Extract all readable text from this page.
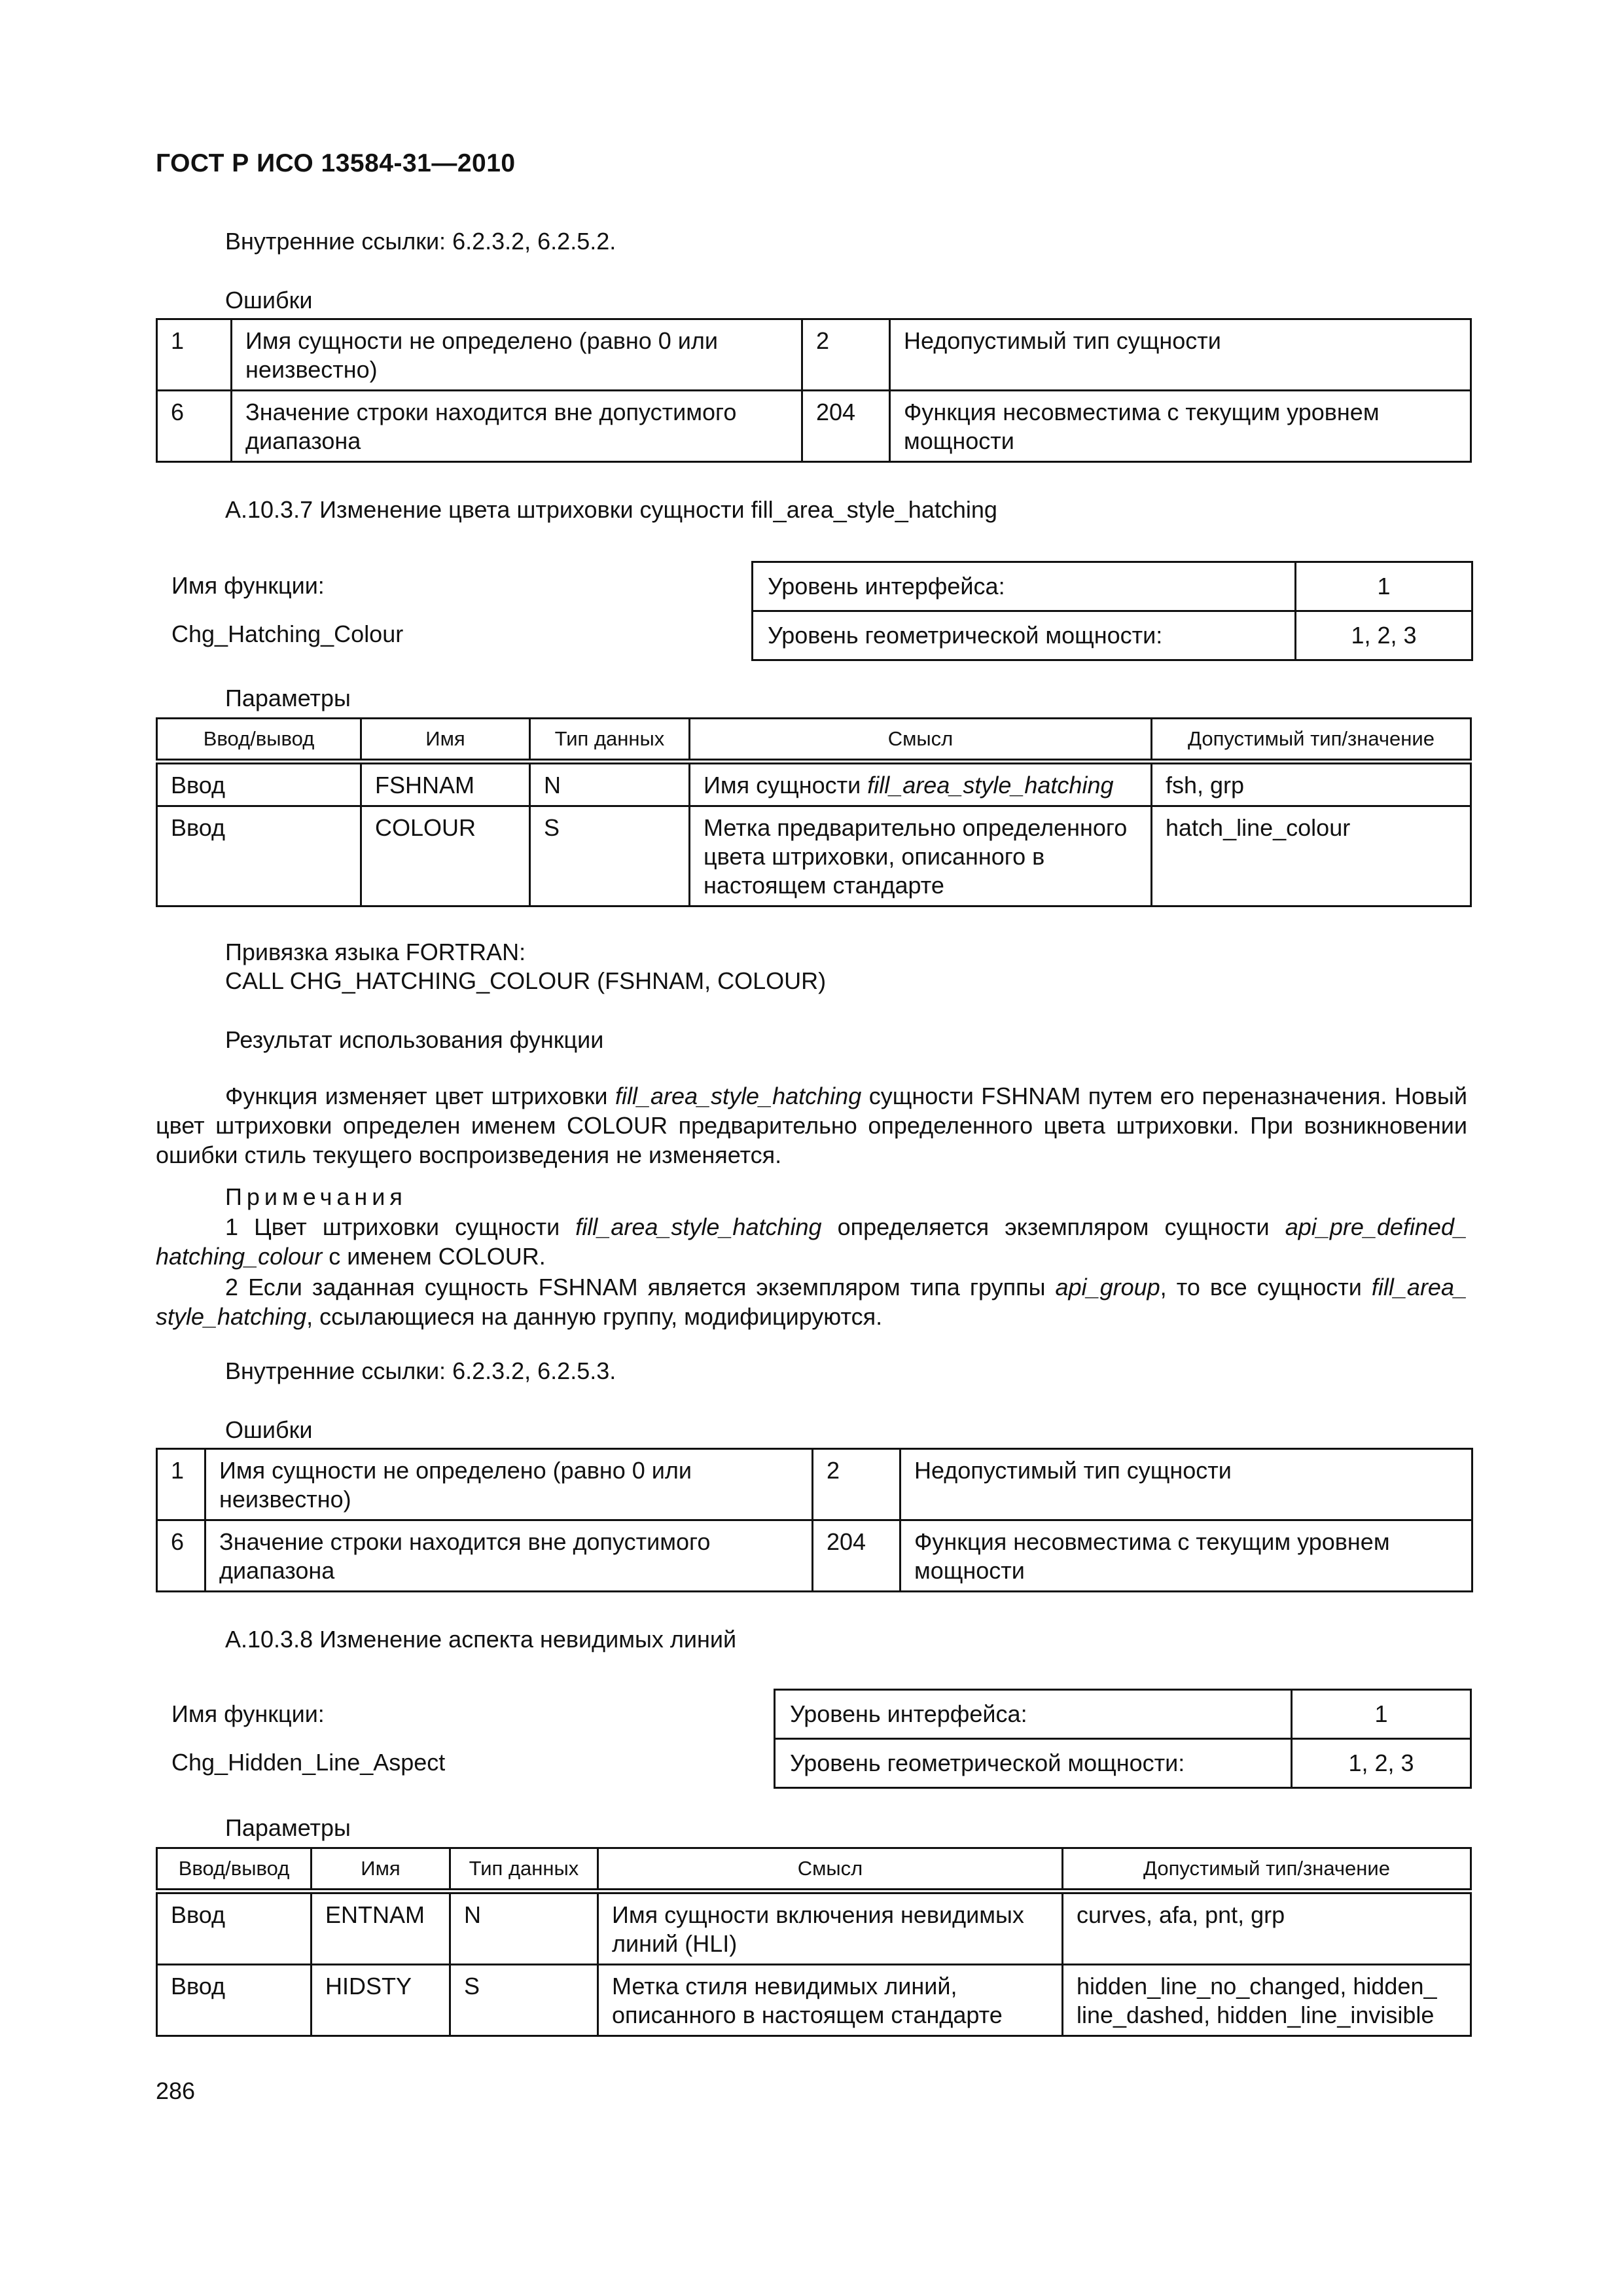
ГОСТ Р ИСО 13584-31—2010
Внутренние ссылки: 6.2.3.2, 6.2.5.2.
Ошибки
1	Имя сущности не определено (равно 0 или неизвестно)	2	Недопустимый тип сущности
6	Значение строки находится вне допустимого диапазона	204	Функция несовместима с текущим уровнем мощности
А.10.3.7 Изменение цвета штриховки сущности fill_area_style_hatching
Имя функции:
Chg_Hatching_Colour
Уровень интерфейса:	1
Уровень геометрической мощности:	1, 2, 3
Параметры
Ввод/вывод	Имя	Тип данных	Смысл	Допустимый тип/значение
Ввод	FSHNAM	N	Имя сущности fill_area_style_hatching	fsh, grp
Ввод	COLOUR	S	Метка предварительно определенного цвета штриховки, описанного в настоящем стандарте	hatch_line_colour
Привязка языка FORTRAN:
CALL CHG_HATCHING_COLOUR (FSHNAM, COLOUR)
Результат использования функции
Функция изменяет цвет штриховки fill_area_style_hatching сущности FSHNAM путем его переназначения. Новый цвет штриховки определен именем COLOUR предварительно определенного цвета штриховки. При возникновении ошибки стиль текущего воспроизведения не изменяется.
Примечания
1 Цвет штриховки сущности fill_area_style_hatching определяется экземпляром сущности api_pre_defined_ hatching_colour с именем COLOUR.
2 Если заданная сущность FSHNAM является экземпляром типа группы api_group, то все сущности fill_area_ style_hatching, ссылающиеся на данную группу, модифицируются.
Внутренние ссылки: 6.2.3.2, 6.2.5.3.
Ошибки
1	Имя сущности не определено (равно 0 или неизвестно)	2	Недопустимый тип сущности
6	Значение строки находится вне допустимого диапазона	204	Функция несовместима с текущим уровнем мощности
А.10.3.8 Изменение аспекта невидимых линий
Имя функции:
Chg_Hidden_Line_Aspect
Уровень интерфейса:	1
Уровень геометрической мощности:	1, 2, 3
Параметры
Ввод/вывод	Имя	Тип данных	Смысл	Допустимый тип/значение
Ввод	ENTNAM	N	Имя сущности включения невидимых линий (HLI)	curves, afa, pnt, grp
Ввод	HIDSTY	S	Метка стиля невидимых линий, описанного в настоящем стандарте	hidden_line_no_changed, hidden_ line_dashed, hidden_line_invisible
286
